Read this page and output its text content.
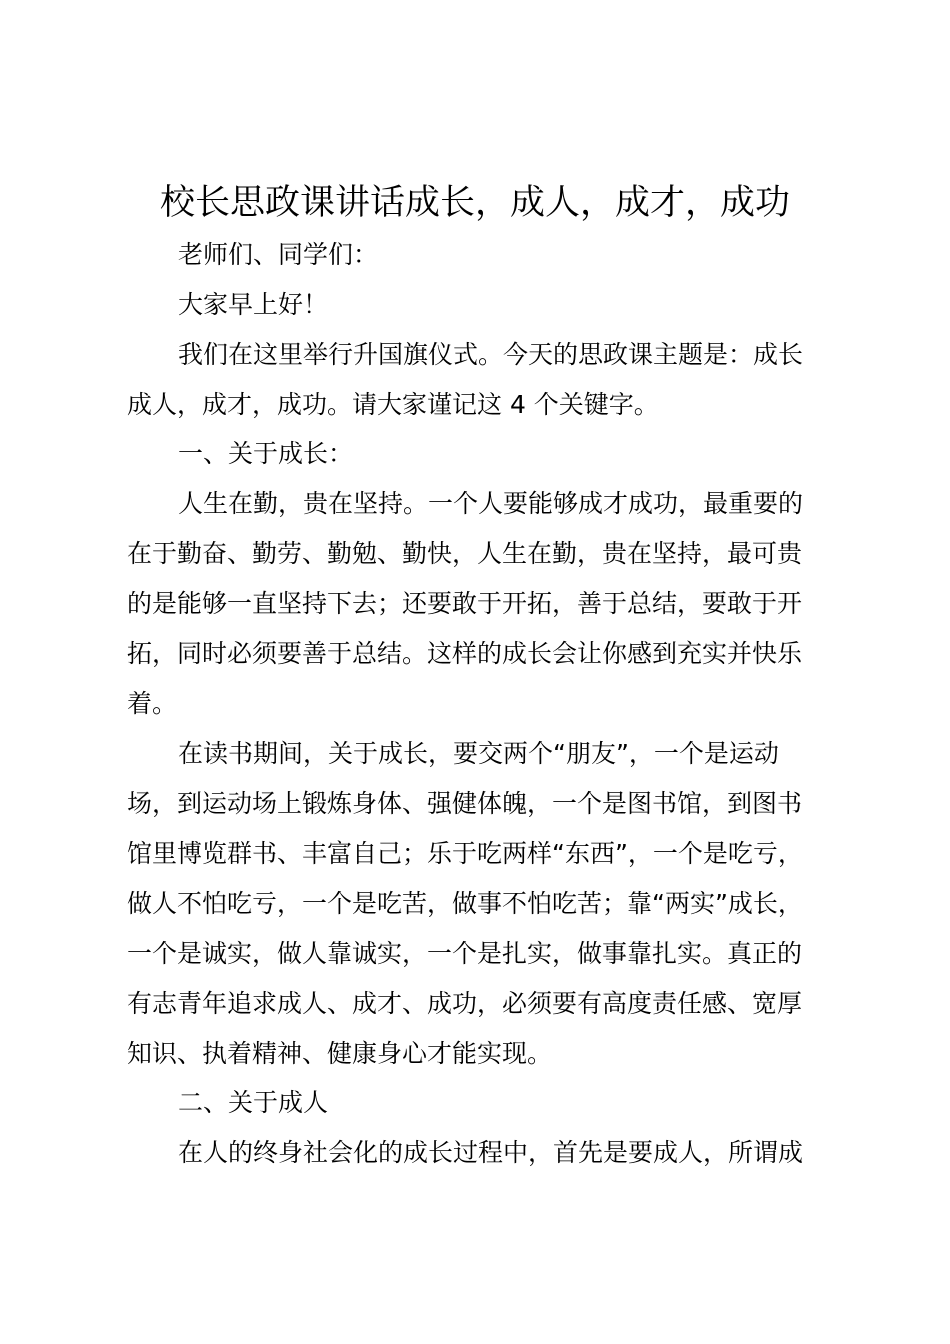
校长思政课讲话成长，成人，成才，成功
老师们、同学们：
大家早上好！
我们在这里举行升国旗仪式。今天的思政课主题是：成长
成人，成才，成功。请大家谨记这 4 个关键字。
一、关于成长：
人生在勤，贵在坚持。一个人要能够成才成功，最重要的
在于勤奋、勤劳、勤勉、勤快，人生在勤，贵在坚持，最可贵
的是能够一直坚持下去；还要敢于开拓，善于总结，要敢于开
拓，同时必须要善于总结。这样的成长会让你感到充实并快乐
着。
在读书期间，关于成长，要交两个“朋友”，一个是运动
场，到运动场上锻炼身体、强健体魄，一个是图书馆，到图书
馆里博览群书、丰富自己；乐于吃两样“东西”，一个是吃亏，
做人不怕吃亏，一个是吃苦，做事不怕吃苦；靠“两实”成长，
一个是诚实，做人靠诚实，一个是扎实，做事靠扎实。真正的
有志青年追求成人、成才、成功，必须要有高度责任感、宽厚
知识、执着精神、健康身心才能实现。
二、关于成人
在人的终身社会化的成长过程中，首先是要成人，所谓成
